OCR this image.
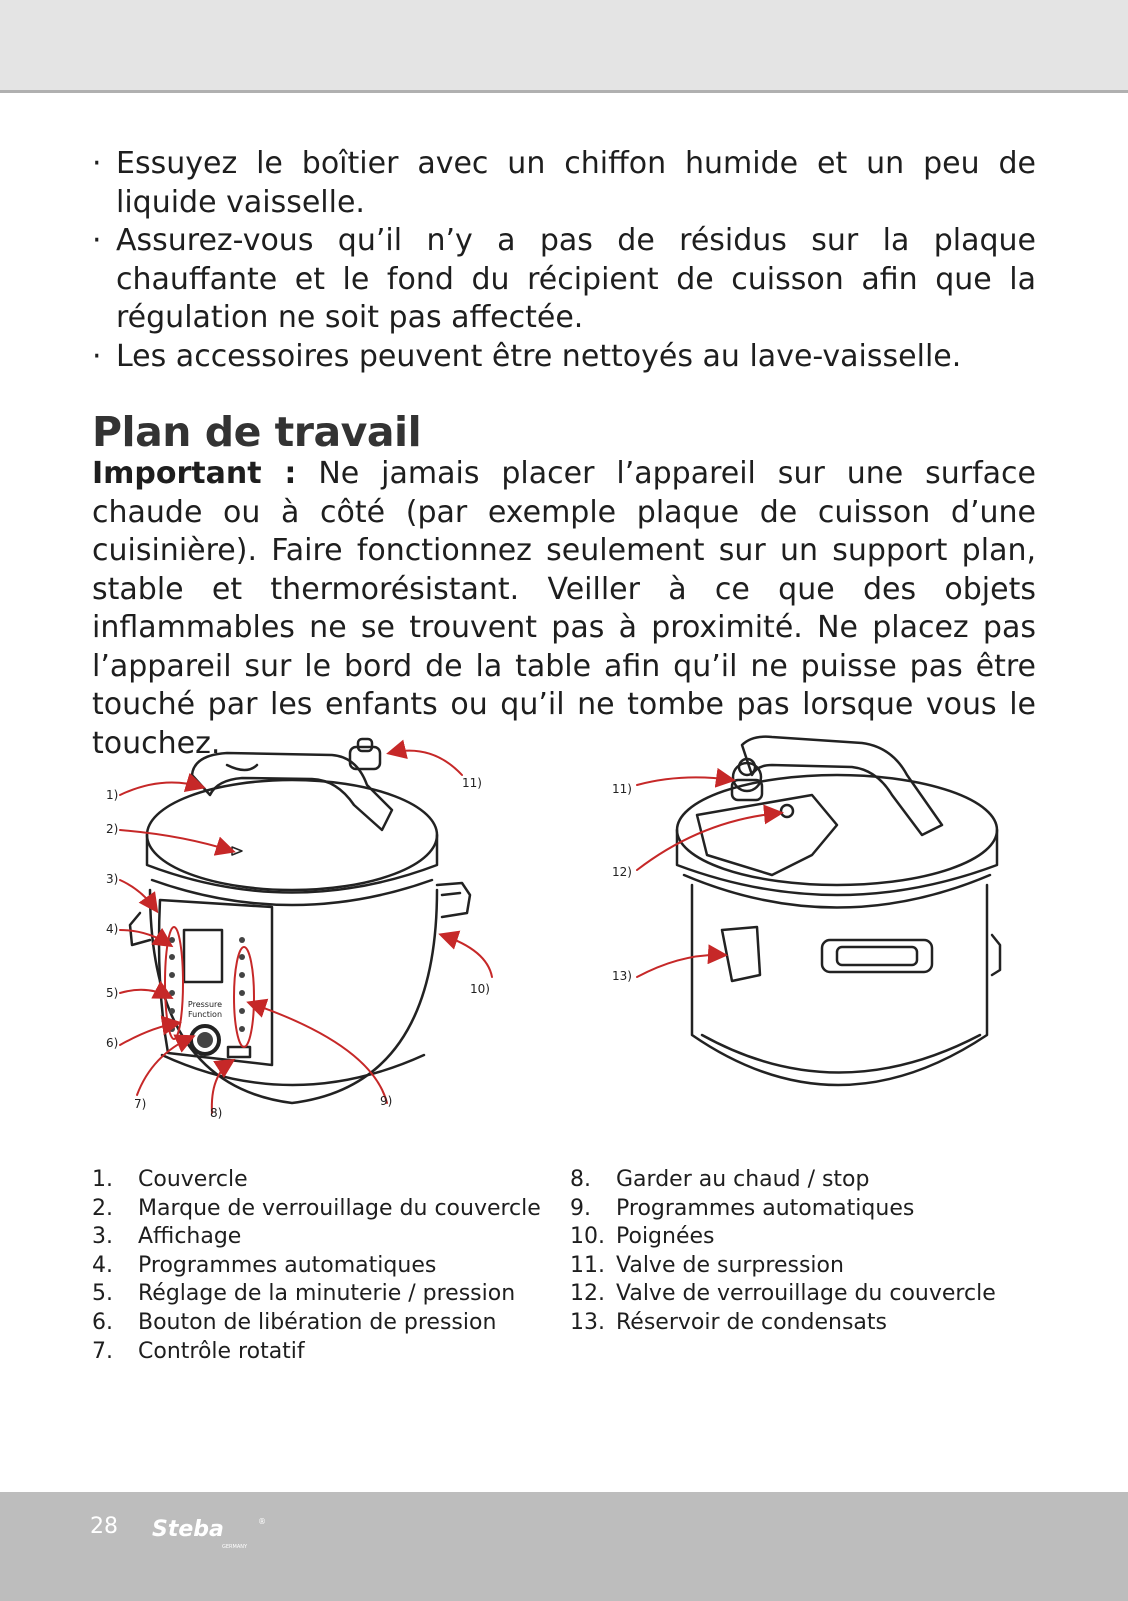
· Essuyez le boîtier avec un chiffon humide et un peu de liquide vaisselle.
· Assurez-vous qu’il n’y a pas de résidus sur la plaque chauffante et le fond du récipient de cuisson afin que la régulation ne soit pas affectée.
· Les accessoires peuvent être nettoyés au lave-vaisselle.
Plan de travail

Important : Ne jamais placer l’appareil sur une surface chaude ou à côté (par exemple plaque de cuisson d’une cuisinière). Faire fonctionnez seulement sur un support plan, stable et thermorésistant. Veiller à ce que des objets inflammables ne se trouvent pas à proximité. Ne placez pas l’appareil sur le bord de la table afin qu’il ne puisse pas être touché par les enfants ou qu’il ne tombe pas lorsque vous le touchez.

Pressure
Function
1)
2)
3)
4)
5)
6)
7)
8)
9)
10)
11)	11)
12)
13)
1.	Couvercle
2.	Marque de verrouillage du couvercle
3.	Affichage
4.	Programmes automatiques
5.	Réglage de la minuterie / pression
6.	Bouton de libération de pression
7.	Contrôle rotatif
8.	Garder au chaud / stop
9.	Programmes automatiques
10. Poignées
11. Valve de surpression
12. Valve de verrouillage du couvercle
13. Réservoir de condensats
28 Steba
GERMANY
®
